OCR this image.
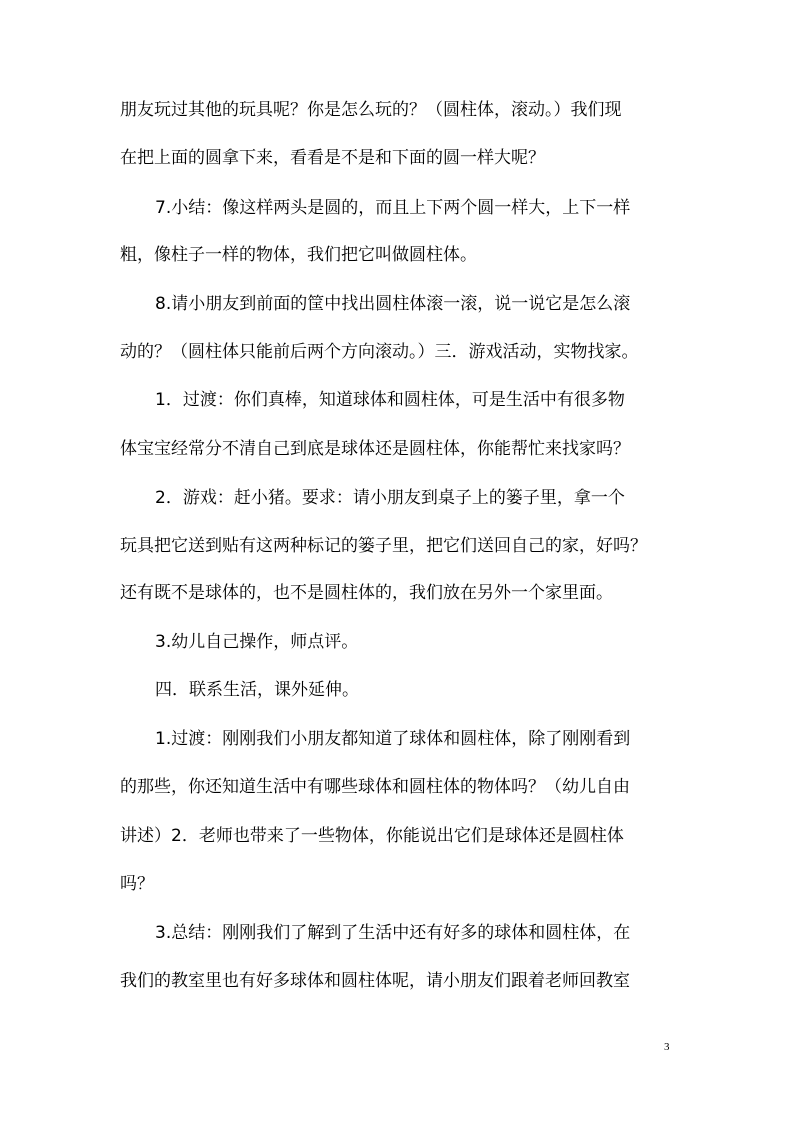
朋友玩过其他的玩具呢？你是怎么玩的？（圆柱体，滚动。）我们现
在把上面的圆拿下来，看看是不是和下面的圆一样大呢？
7.小结：像这样两头是圆的，而且上下两个圆一样大，上下一样
粗，像柱子一样的物体，我们把它叫做圆柱体。
8.请小朋友到前面的筐中找出圆柱体滚一滚，说一说它是怎么滚
动的？（圆柱体只能前后两个方向滚动。）三．游戏活动，实物找家。
1．过渡：你们真棒，知道球体和圆柱体，可是生活中有很多物
体宝宝经常分不清自己到底是球体还是圆柱体，你能帮忙来找家吗？
2．游戏：赶小猪。要求：请小朋友到桌子上的篓子里，拿一个
玩具把它送到贴有这两种标记的篓子里，把它们送回自己的家，好吗？
还有既不是球体的，也不是圆柱体的，我们放在另外一个家里面。
3.幼儿自己操作，师点评。
四．联系生活，课外延伸。
1.过渡：刚刚我们小朋友都知道了球体和圆柱体，除了刚刚看到
的那些，你还知道生活中有哪些球体和圆柱体的物体吗？（幼儿自由
讲述）2．老师也带来了一些物体，你能说出它们是球体还是圆柱体
吗？
3.总结：刚刚我们了解到了生活中还有好多的球体和圆柱体，在
我们的教室里也有好多球体和圆柱体呢，请小朋友们跟着老师回教室
3
